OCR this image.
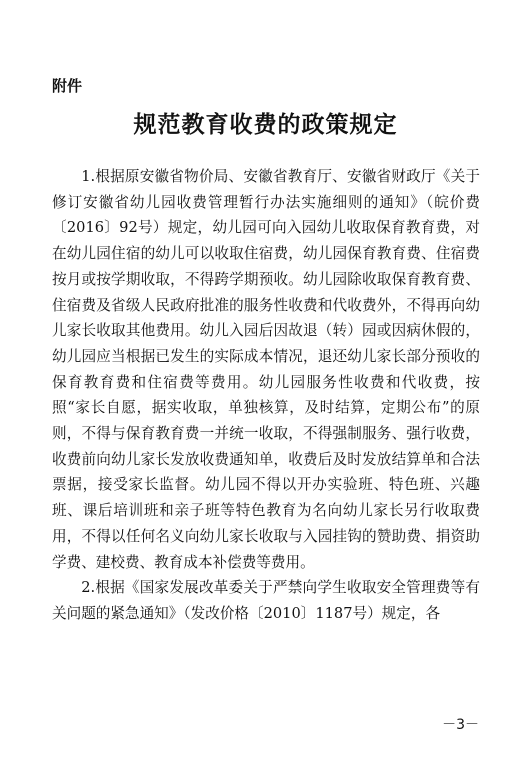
附件
规范教育收费的政策规定

1.根据原安徽省物价局、安徽省教育厅、安徽省财政厅《关于修订安徽省幼儿园收费管理暂行办法实施细则的通知》（皖价费〔2016〕92号）规定，幼儿园可向入园幼儿收取保育教育费，对在幼儿园住宿的幼儿可以收取住宿费，幼儿园保育教育费、住宿费按月或按学期收取，不得跨学期预收。幼儿园除收取保育教育费、住宿费及省级人民政府批准的服务性收费和代收费外，不得再向幼儿家长收取其他费用。幼儿入园后因故退（转）园或因病休假的，幼儿园应当根据已发生的实际成本情况，退还幼儿家长部分预收的保育教育费和住宿费等费用。幼儿园服务性收费和代收费，按照“家长自愿，据实收取，单独核算，及时结算，定期公布”的原则，不得与保育教育费一并统一收取，不得强制服务、强行收费，收费前向幼儿家长发放收费通知单，收费后及时发放结算单和合法票据，接受家长监督。幼儿园不得以开办实验班、特色班、兴趣班、课后培训班和亲子班等特色教育为名向幼儿家长另行收取费用，不得以任何名义向幼儿家长收取与入园挂钩的赞助费、捐资助学费、建校费、教育成本补偿费等费用。

2.根据《国家发展改革委关于严禁向学生收取安全管理费等有关问题的紧急通知》（发改价格〔2010〕1187号）规定，各

－3－
